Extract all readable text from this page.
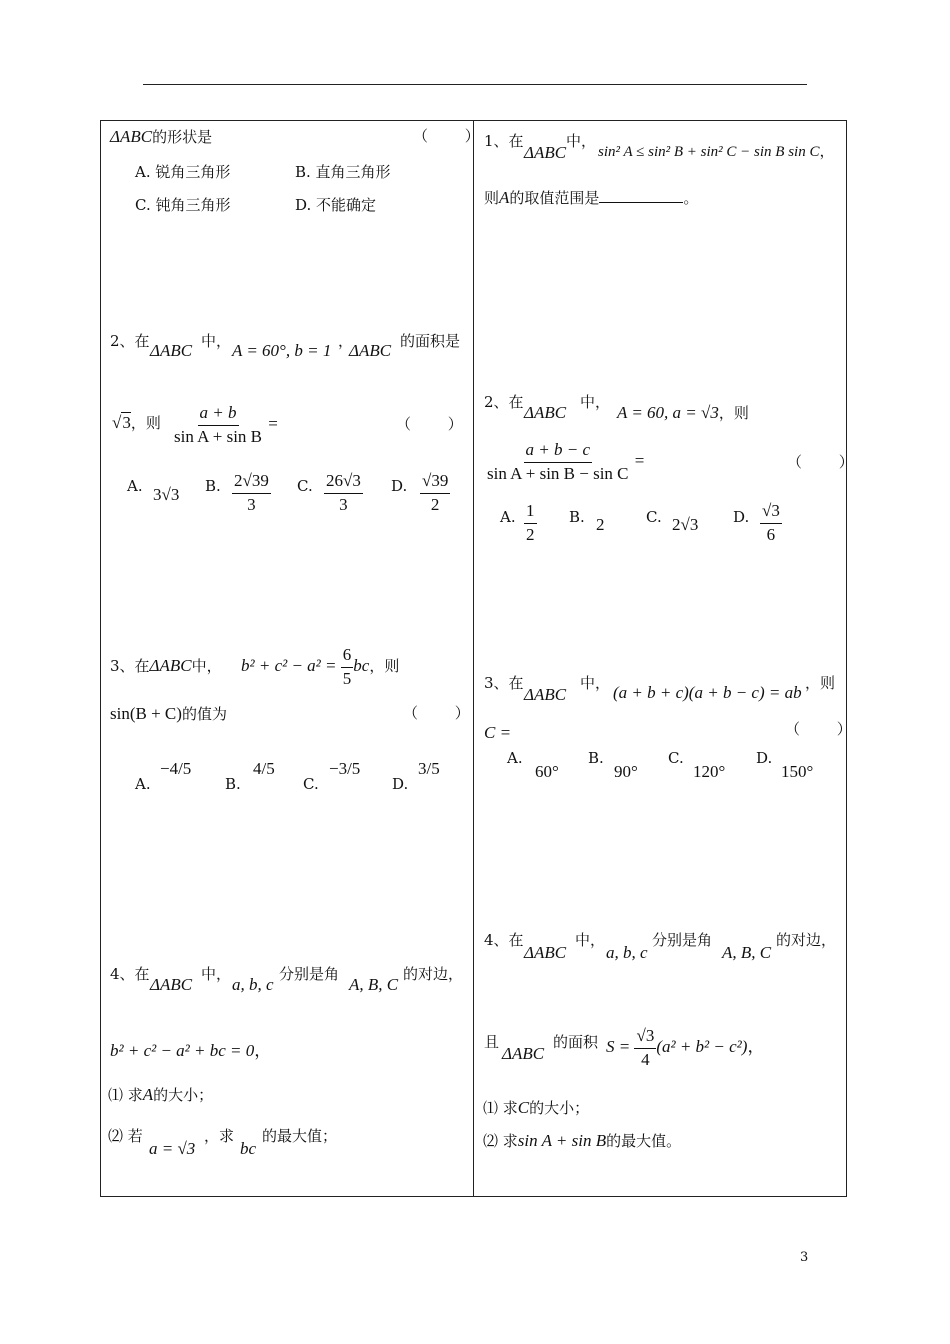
ΔABC的形状是	（ ）
A. 锐角三角形	B. 直角三角形
C. 钝角三角形	D. 不能确定
2、在 ΔABC 中， A = 60°, b = 1 ，
ΔABC 的面积是
√3，则 $\frac{a + b}{\text{sin A + sin B}}$ =	（ ）
A. 3√3 B. $\frac{2√39}{3} C$. $\frac{26√3}{3} D$. $\frac{√39}{2}$
3、在ΔABC中， $b^2 + c^2 - a^2 = \frac{6}{5}$ bc，则
sin(B + C)的值为	（ ）
A.
−4/5
B.
4/5
C.
−3/5
D.
3/5
4、在
ΔABC
中，
a, b, c
分别是角
A, B, C
的对边，
b² + c² − a² + bc = 0，
⑴ 求A的大小；
⑵ 若
a = √3
，求
bc
的最大值；
1、在
ΔABC
中，
sin² A ≤ sin² B + sin² C − sin B sin C，
则A的取值范围是	。
2、在
ΔABC
中，
A = 60, a = √3，则
$\frac{a + b - c}{\text{sin A + sin B − sin C}}$ =	（ ）
A. $\frac{1}{2} B$. 2	C. 2√3 D. $\frac{√3}{6}$
3、在
ΔABC
中， (a + b + c)(a + b − c) = ab ，则
C =	（ ）
A.
60°
B.
90°
C.
120°
D.
150°
4、在
ΔABC
中，
a, b, c
分别是角
A, B, C
的对边，
且
ΔABC
的面积 $S = \frac{√3}{4} (a^2 + b^2 - c^2)$，
⑴ 求C的大小；
⑵ 求sin A + sin B的最大值。
3
